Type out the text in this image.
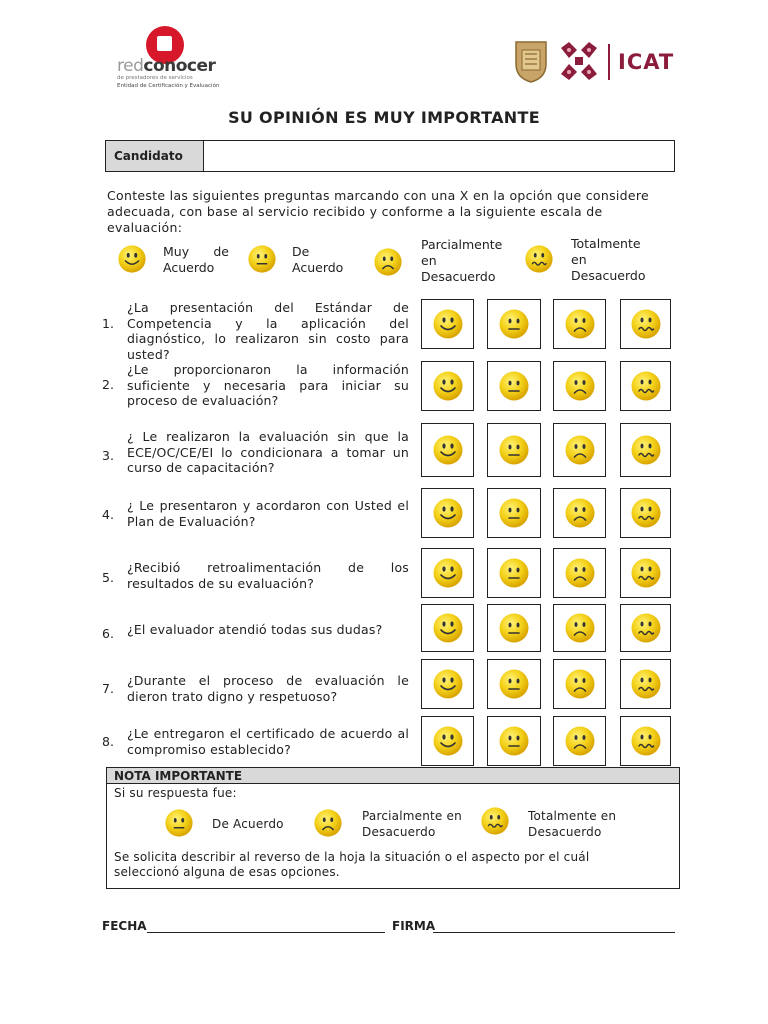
redconocer
de prestadores de servicios
Entidad de Certificación y Evaluación
ICAT
SU OPINIÓN ES MUY IMPORTANTE
Candidato
Conteste las siguientes preguntas marcando con una X en la opción que considere adecuada, con base al servicio recibido y conforme a la siguiente escala de evaluación:
Muy de Acuerdo
De Acuerdo
Parcialmente en Desacuerdo
Totalmente en Desacuerdo
1.
¿La presentación del Estándar de Competencia y la aplicación del diagnóstico, lo realizaron sin costo para usted?
2.
¿Le proporcionaron la información suficiente y necesaria para iniciar su proceso de evaluación?
3.
¿ Le realizaron la evaluación sin que la ECE/OC/CE/EI lo condicionara a tomar un curso de capacitación?
4.
¿ Le presentaron y acordaron con Usted el Plan de Evaluación?
5.
¿Recibió retroalimentación de los resultados de su evaluación?
6.	¿El evaluador atendió todas sus dudas?
7.
¿Durante el proceso de evaluación le dieron trato digno y respetuoso?
8.
¿Le entregaron el certificado de acuerdo al compromiso establecido?
NOTA IMPORTANTE
Si su respuesta fue:
De Acuerdo
Parcialmente en
Desacuerdo
Totalmente en
Desacuerdo
Se solicita describir al reverso de la hoja la situación o el aspecto por el cuál seleccionó alguna de esas opciones.
FECHA	FIRMA
